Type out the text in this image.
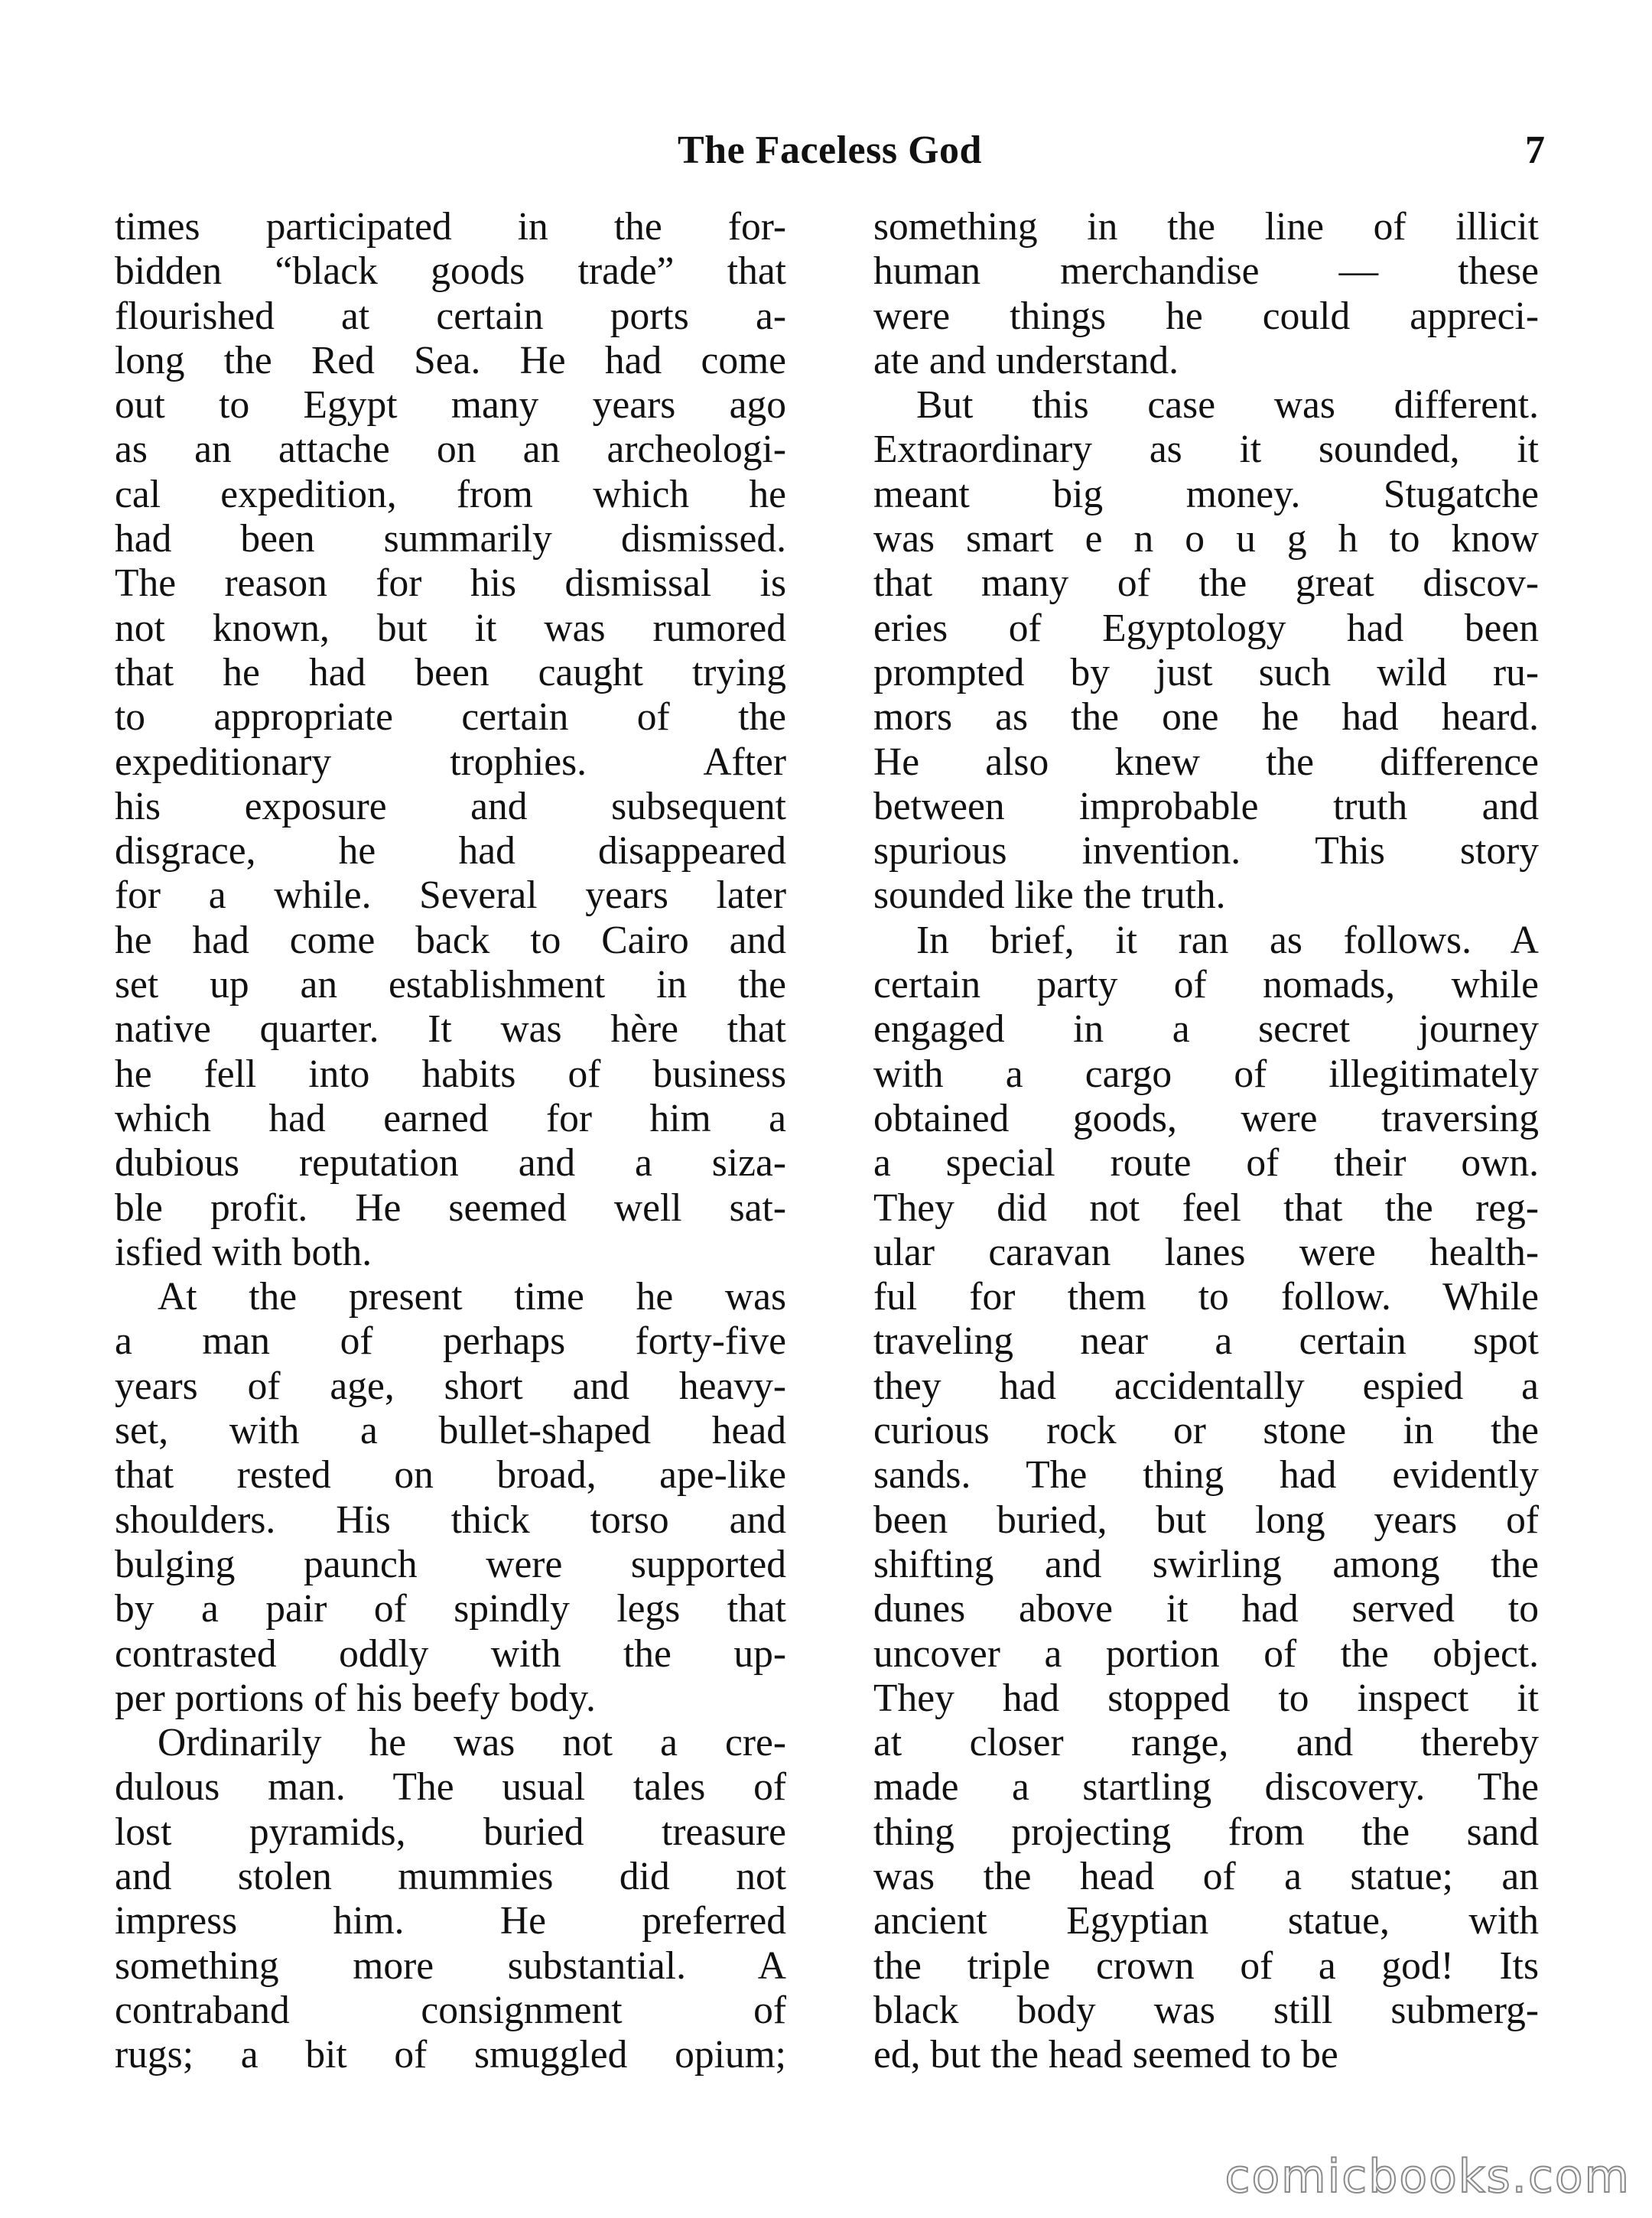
The Faceless God	7
times participated in the for-
bidden “black goods trade” that
flourished at certain ports a-
long the Red Sea. He had come
out to Egypt many years ago
as an attache on an archeologi-
cal expedition, from which he
had been summarily dismissed.
The reason for his dismissal is
not known, but it was rumored
that he had been caught trying
to appropriate certain of the
expeditionary trophies. After
his exposure and subsequent
disgrace, he had disappeared
for a while. Several years later
he had come back to Cairo and
set up an establishment in the
native quarter. It was hère that
he fell into habits of business
which had earned for him a
dubious reputation and a siza-
ble profit. He seemed well sat-
isfied with both.
At the present time he was
a man of perhaps forty-five
years of age, short and heavy-
set, with a bullet-shaped head
that rested on broad, ape-like
shoulders. His thick torso and
bulging paunch were supported
by a pair of spindly legs that
contrasted oddly with the up-
per portions of his beefy body.
Ordinarily he was not a cre-
dulous man. The usual tales of
lost pyramids, buried treasure
and stolen mummies did not
impress him. He preferred
something more substantial. A
contraband consignment of
rugs; a bit of smuggled opium;
something in the line of illicit
human merchandise — these
were things he could appreci-
ate and understand.
But this case was different.
Extraordinary as it sounded, it
meant big money. Stugatche
was smart e n o u g h to know
that many of the great discov-
eries of Egyptology had been
prompted by just such wild ru-
mors as the one he had heard.
He also knew the difference
between improbable truth and
spurious invention. This story
sounded like the truth.
In brief, it ran as follows. A
certain party of nomads, while
engaged in a secret journey
with a cargo of illegitimately
obtained goods, were traversing
a special route of their own.
They did not feel that the reg-
ular caravan lanes were health-
ful for them to follow. While
traveling near a certain spot
they had accidentally espied a
curious rock or stone in the
sands. The thing had evidently
been buried, but long years of
shifting and swirling among the
dunes above it had served to
uncover a portion of the object.
They had stopped to inspect it
at closer range, and thereby
made a startling discovery. The
thing projecting from the sand
was the head of a statue; an
ancient Egyptian statue, with
the triple crown of a god! Its
black body was still submerg-
ed, but the head seemed to be
comicbooks.com
